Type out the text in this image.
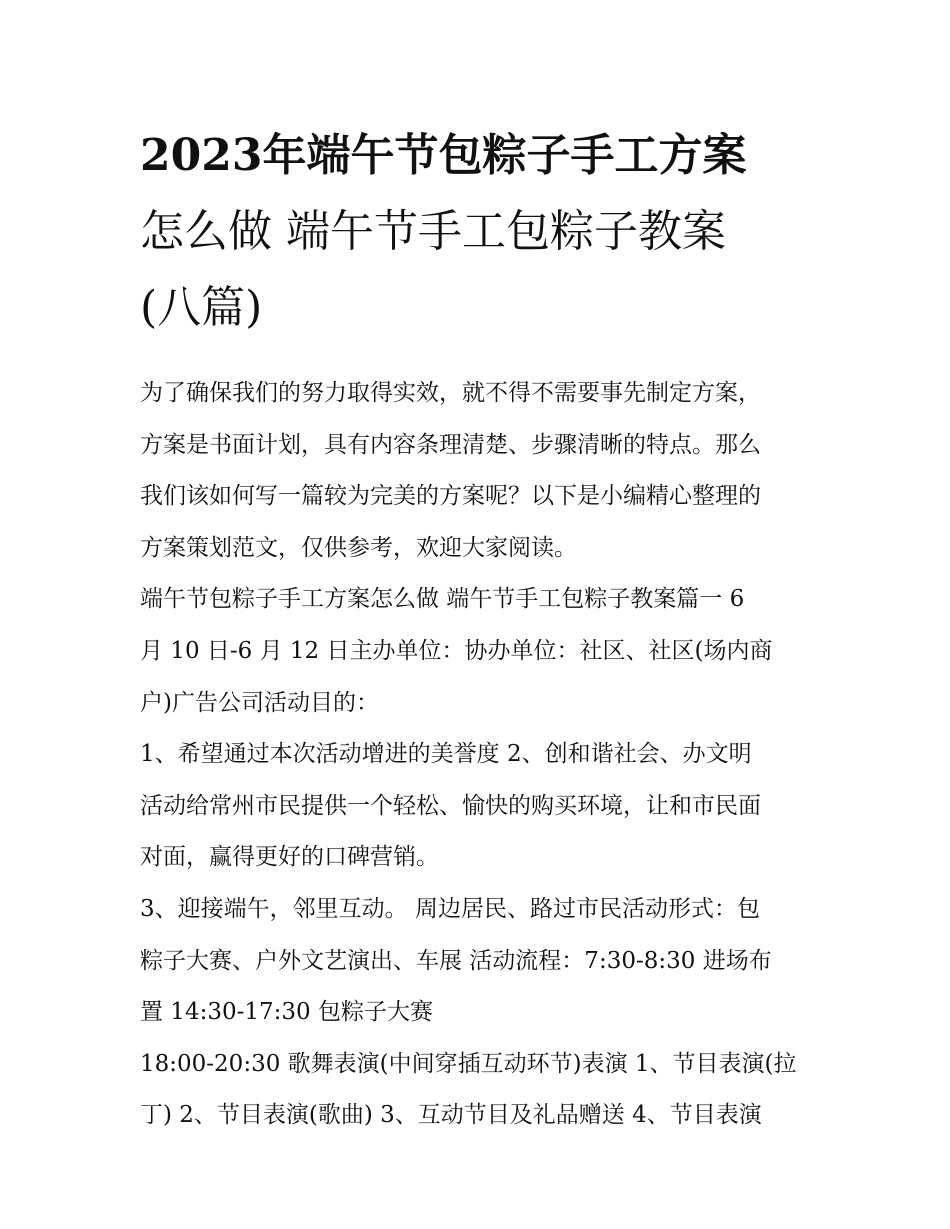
2023年端午节包粽子手工方案
怎么做 端午节手工包粽子教案
(八篇)
为了确保我们的努力取得实效，就不得不需要事先制定方案，
方案是书面计划，具有内容条理清楚、步骤清晰的特点。那么
我们该如何写一篇较为完美的方案呢？以下是小编精心整理的
方案策划范文，仅供参考，欢迎大家阅读。
端午节包粽子手工方案怎么做 端午节手工包粽子教案篇一 6
月 10 日-6 月 12 日主办单位：协办单位：社区、社区(场内商
户)广告公司活动目的：
1、希望通过本次活动增进的美誉度 2、创和谐社会、办文明
活动给常州市民提供一个轻松、愉快的购买环境，让和市民面
对面，赢得更好的口碑营销。
3、迎接端午，邻里互动。 周边居民、路过市民活动形式：包
粽子大赛、户外文艺演出、车展 活动流程：7:30-8:30 进场布
置 14:30-17:30 包粽子大赛
18:00-20:30 歌舞表演(中间穿插互动环节)表演 1、节目表演(拉
丁) 2、节目表演(歌曲) 3、互动节目及礼品赠送 4、节目表演
